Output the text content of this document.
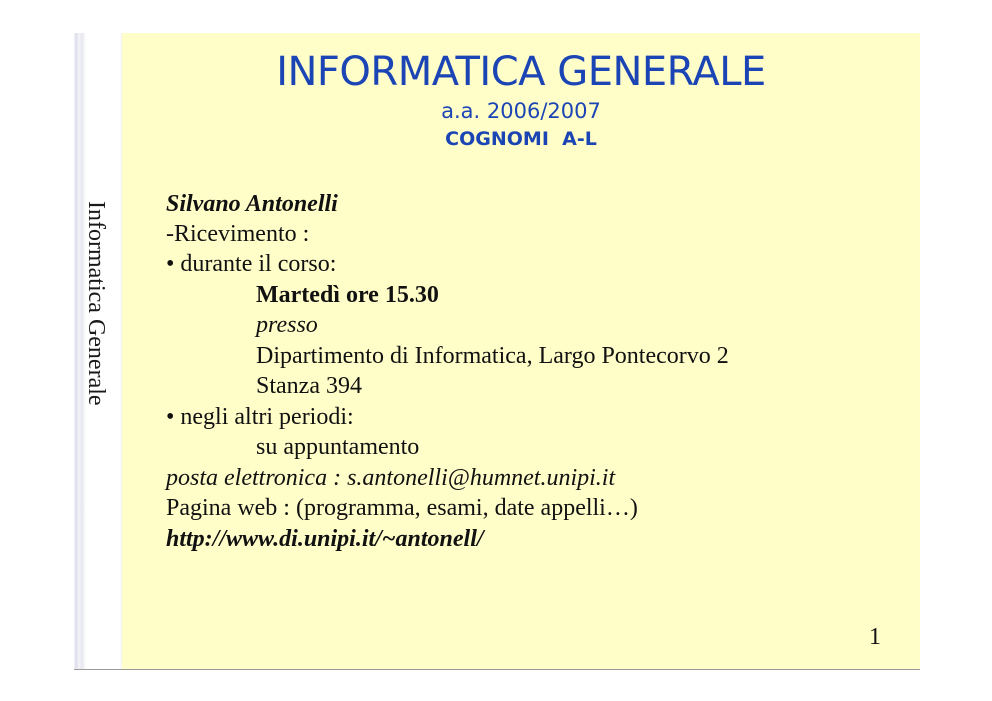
Informatica Generale
INFORMATICA GENERALE
a.a. 2006/2007
COGNOMI  A-L
Silvano Antonelli
-Ricevimento :
• durante il corso:
Martedì ore 15.30
presso
Dipartimento di Informatica, Largo Pontecorvo 2
Stanza 394
• negli altri periodi:
su appuntamento
posta elettronica : s.antonelli@humnet.unipi.it
Pagina web : (programma, esami, date appelli…)
http://www.di.unipi.it/~antonell/
1
